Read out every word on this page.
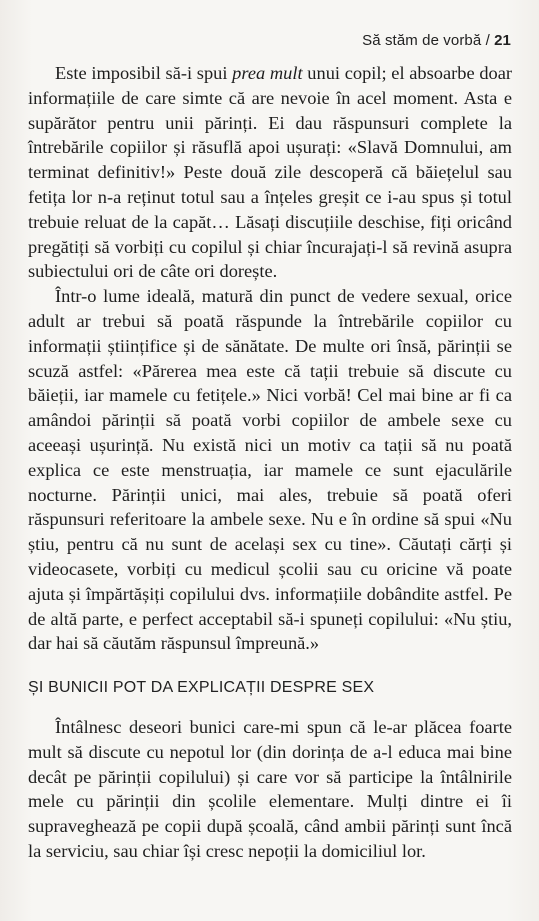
Să stăm de vorbă / 21

Este imposibil să-i spui prea mult unui copil; el absoarbe doar informațiile de care simte că are nevoie în acel moment. Asta e supărător pentru unii părinți. Ei dau răspunsuri complete la întrebările copiilor și răsuflă apoi ușurați: «Slavă Domnului, am terminat definitiv!» Peste două zile descoperă că băiețelul sau fetița lor n-a reținut totul sau a înțeles greșit ce i-au spus și totul trebuie reluat de la capăt… Lăsați discuțiile deschise, fiți oricând pregătiți să vorbiți cu copilul și chiar încurajați-l să revină asupra subiectului ori de câte ori dorește.

Într-o lume ideală, matură din punct de vedere sexual, orice adult ar trebui să poată răspunde la întrebările copiilor cu informații științifice și de sănătate. De multe ori însă, părinții se scuză astfel: «Părerea mea este că tații trebuie să discute cu băieții, iar mamele cu fetițele.» Nici vorbă! Cel mai bine ar fi ca amândoi părinții să poată vorbi copiilor de ambele sexe cu aceeași ușurință. Nu există nici un motiv ca tații să nu poată explica ce este menstruația, iar mamele ce sunt ejaculările nocturne. Părinții unici, mai ales, trebuie să poată oferi răspunsuri referitoare la ambele sexe. Nu e în ordine să spui «Nu știu, pentru că nu sunt de același sex cu tine». Căutați cărți și videocasete, vorbiți cu medicul școlii sau cu oricine vă poate ajuta și împărtășiți copilului dvs. informațiile dobândite astfel. Pe de altă parte, e perfect acceptabil să-i spuneți copilului: «Nu știu, dar hai să căutăm răspunsul împreună.»

ȘI BUNICII POT DA EXPLICAȚII DESPRE SEX

Întâlnesc deseori bunici care-mi spun că le-ar plăcea foarte mult să discute cu nepotul lor (din dorința de a-l educa mai bine decât pe părinții copilului) și care vor să participe la întâlnirile mele cu părinții din școlile elementare. Mulți dintre ei îi supraveghează pe copii după școală, când ambii părinți sunt încă la serviciu, sau chiar își cresc nepoții la domiciliul lor.
